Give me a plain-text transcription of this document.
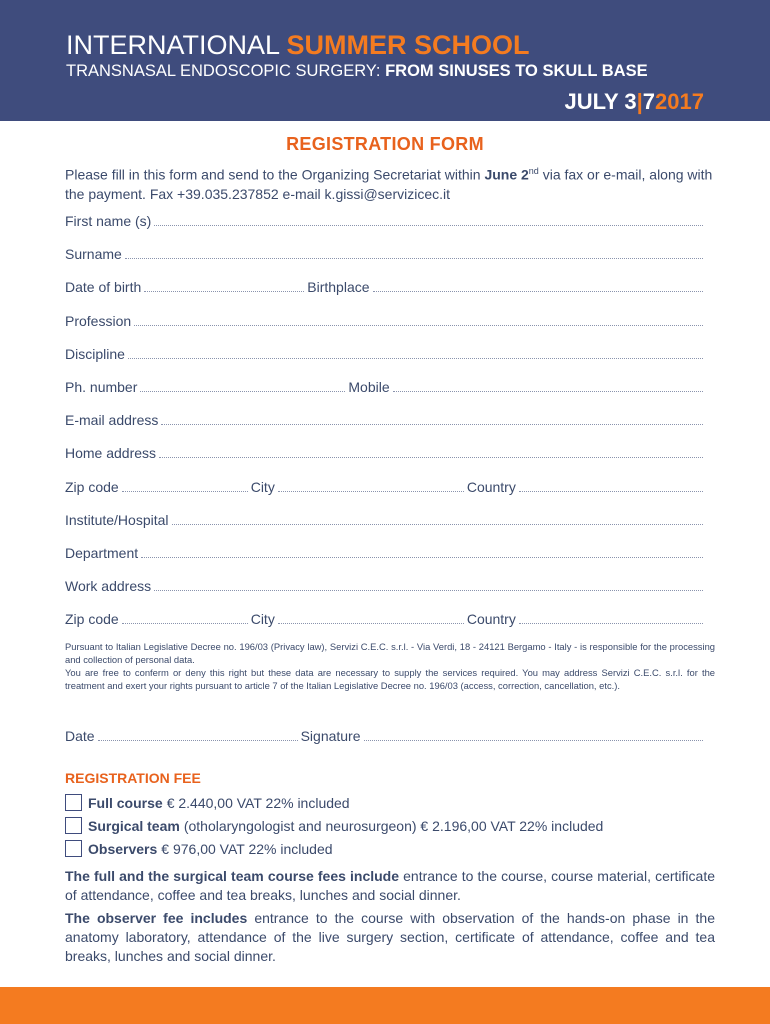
INTERNATIONAL SUMMER SCHOOL
TRANSNASAL ENDOSCOPIC SURGERY: FROM SINUSES TO SKULL BASE
JULY 3|72017
REGISTRATION FORM
Please fill in this form and send to the Organizing Secretariat within June 2nd via fax or e-mail, along with the payment. Fax +39.035.237852 e-mail k.gissi@servizicec.it
First name (s)
Surname
Date of birth	Birthplace
Profession
Discipline
Ph. number	Mobile
E-mail address
Home address
Zip code	City	Country
Institute/Hospital
Department
Work address
Zip code	City	Country
Pursuant to Italian Legislative Decree no. 196/03 (Privacy law), Servizi C.E.C. s.r.l. - Via Verdi, 18 - 24121 Bergamo - Italy - is responsible for the processing and collection of personal data.
You are free to conferm or deny this right but these data are necessary to supply the services required. You may address Servizi C.E.C. s.r.l. for the treatment and exert your rights pursuant to article 7 of the Italian Legislative Decree no. 196/03 (access, correction, cancellation, etc.).
Date	Signature
REGISTRATION FEE
Full course € 2.440,00 VAT 22% included
Surgical team (otholaryngologist and neurosurgeon) € 2.196,00 VAT 22% included
Observers € 976,00 VAT 22% included
The full and the surgical team course fees include entrance to the course, course material, certificate of attendance, coffee and tea breaks, lunches and social dinner.
The observer fee includes entrance to the course with observation of the hands-on phase in the anatomy laboratory, attendance of the live surgery section, certificate of attendance, coffee and tea breaks, lunches and social dinner.
